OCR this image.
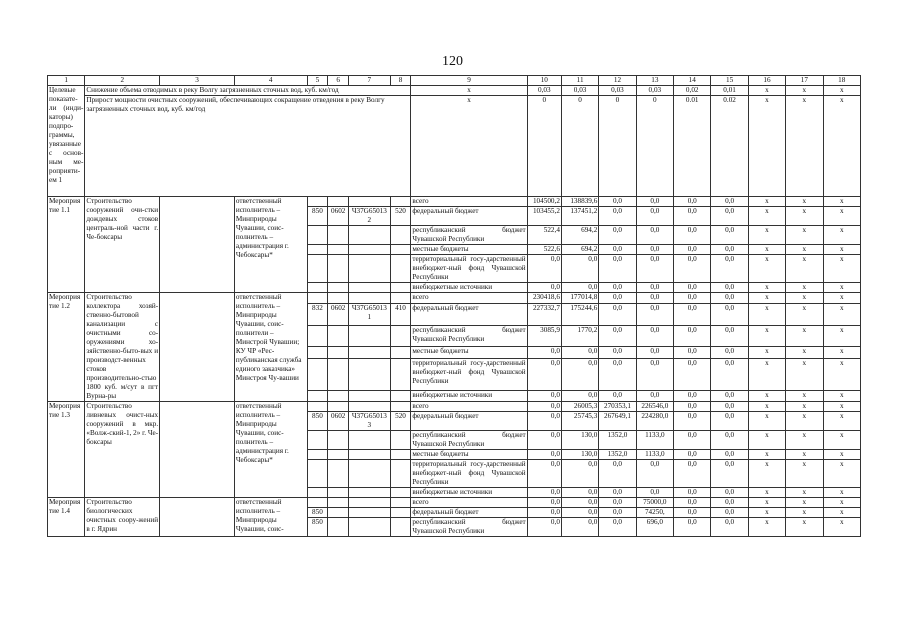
120
1	2	3	4	5	6	7	8	9	10	11	12	13	14	15	16	17	18
Целевые показате-ли (инди-каторы) подпро-граммы, увязанные с основ-ным ме-роприяти-ем 1	Снижение объема отводимых в реку Волгу загрязненных сточных вод, куб. км/год							x	0,03	0,03	0,03	0,03	0,02	0,01	x	x	x
	Прирост мощности очистных сооружений, обеспечивающих сокращение отведения в реку Волгу загрязненных сточных вод, куб. км/год							x	0	0	0	0	0.01	0.02	x	x	x
Мероприятие 1.1	Строительство сооружений очи-стки дождевых стоков централь-ной части г. Че-боксары		ответственный исполнитель – Минприроды Чувашии, соис-полнитель – администрация г. Чебоксары*					всего	104500,2	138839,6	0,0	0,0	0,0	0,0	x	x	x
				850	0602	Ч37G650132	520	федеральный бюджет	103455,2	137451,2	0,0	0,0	0,0	0,0	x	x	x
								республиканский бюджет Чувашской Республики	522,4	694,2	0,0	0,0	0,0	0,0	x	x	x
								местные бюджеты	522,6	694,2	0,0	0,0	0,0	0,0	x	x	x
								территориальный госу-дарственный внебюджет-ный фонд Чувашской Республики	0,0	0,0	0,0	0,0	0,0	0,0	x	x	x
								внебюджетные источники	0,0	0,0	0,0	0,0	0,0	0,0	x	x	x
Мероприятие 1.2	Строительство коллектора хозяй-ственно-бытовой канализации с очистными со-оружениями хо-зяйственно-быто-вых и производст-венных стоков производительно-стью 1800 куб. м/сут в пгт Вурна-ры		ответственный исполнитель – Минприроды Чувашии, соис-полнители – Минстрой Чувашии; КУ ЧР «Рес-публиканская служба единого заказчика» Минстроя Чу-вашии					всего	230418,6	177014,8	0,0	0,0	0,0	0,0	x	x	x
				832	0602	Ч37G650131	410	федеральный бюджет	227332,7	175244,6	0,0	0,0	0,0	0,0	x	x	x
								республиканский бюджет Чувашской Республики	3085,9	1770,2	0,0	0,0	0,0	0,0	x	x	x
								местные бюджеты	0,0	0,0	0,0	0,0	0,0	0,0	x	x	x
								территориальный госу-дарственный внебюджет-ный фонд Чувашской Республики	0,0	0,0	0,0	0,0	0,0	0,0	x	x	x
								внебюджетные источники	0,0	0,0	0,0	0,0	0,0	0,0	x	x	x
Мероприятие 1.3	Строительство ливневых очист-ных сооружений в мкр. «Волж-ский-1, 2» г. Че-боксары		ответственный исполнитель – Минприроды Чувашии, соис-полнитель – администрация г. Чебоксары*					всего	0,0	26005,3	270353,1	226546,0	0,0	0,0	x	x	x
				850	0602	Ч37G650133	520	федеральный бюджет	0,0	25745,3	267649,1	224280,0	0,0	0,0	x	x	x
								республиканский бюджет Чувашской Республики	0,0	130,0	1352,0	1133,0	0,0	0,0	x	x	x
								местные бюджеты	0,0	130,0	1352,0	1133,0	0,0	0,0	x	x	x
								территориальный госу-дарственный внебюджет-ный фонд Чувашской Республики	0,0	0,0	0,0	0,0	0,0	0,0	x	x	x
								внебюджетные источники	0,0	0,0	0,0	0,0	0,0	0,0	x	x	x
Мероприятие 1.4	Строительство биологических очистных соору-жений в г. Ядрин		ответственный исполнитель – Минприроды Чувашии, соис-					всего	0,0	0,0	0,0	75000,0	0,0	0,0	x	x	x
				850				федеральный бюджет	0,0	0,0	0,0	74250,	0,0	0,0	x	x	x
				850				республиканский бюджет Чувашской Республики	0,0	0,0	0,0	696,0	0,0	0,0	x	x	x
